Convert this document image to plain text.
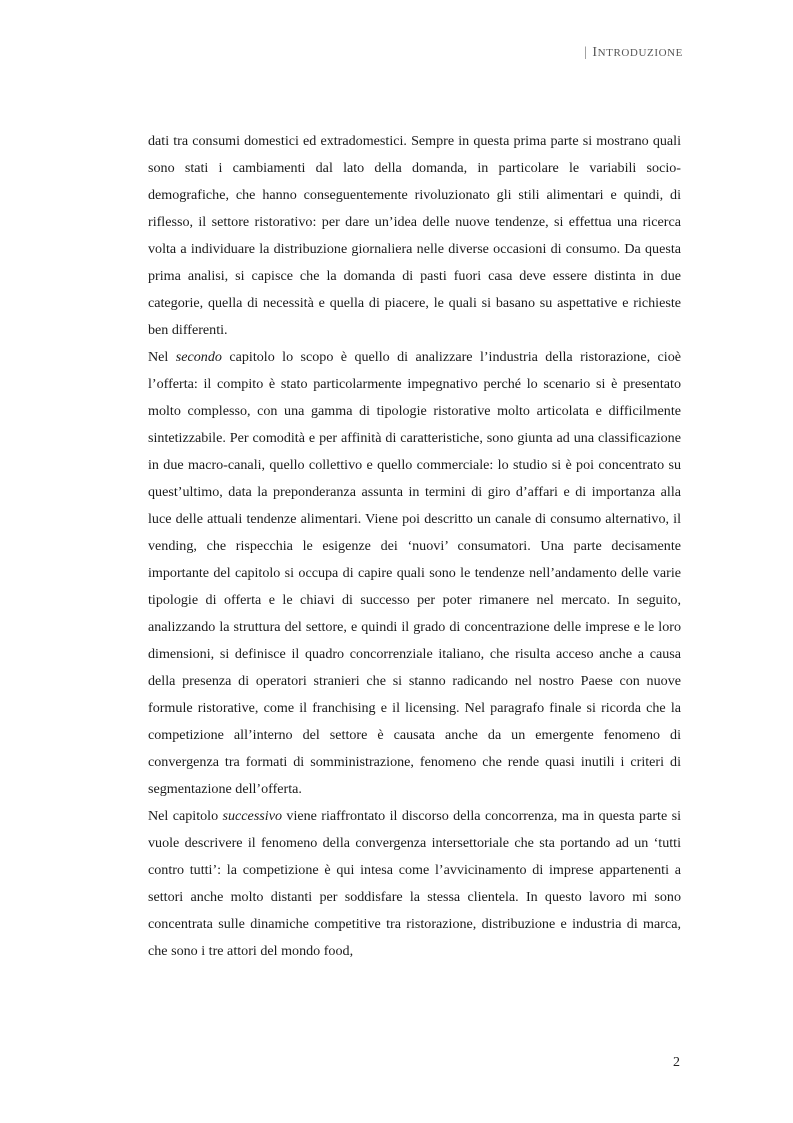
| INTRODUZIONE

dati tra consumi domestici ed extradomestici. Sempre in questa prima parte si mostrano quali sono stati i cambiamenti dal lato della domanda, in particolare le variabili socio-demografiche, che hanno conseguentemente rivoluzionato gli stili alimentari e quindi, di riflesso, il settore ristorativo: per dare un’idea delle nuove tendenze, si effettua una ricerca volta a individuare la distribuzione giornaliera nelle diverse occasioni di consumo. Da questa prima analisi, si capisce che la domanda di pasti fuori casa deve essere distinta in due categorie, quella di necessità e quella di piacere, le quali si basano su aspettative e richieste ben differenti.

Nel secondo capitolo lo scopo è quello di analizzare l’industria della ristorazione, cioè l’offerta: il compito è stato particolarmente impegnativo perché lo scenario si è presentato molto complesso, con una gamma di tipologie ristorative molto articolata e difficilmente sintetizzabile. Per comodità e per affinità di caratteristiche, sono giunta ad una classificazione in due macro-canali, quello collettivo e quello commerciale: lo studio si è poi concentrato su quest’ultimo, data la preponderanza assunta in termini di giro d’affari e di importanza alla luce delle attuali tendenze alimentari. Viene poi descritto un canale di consumo alternativo, il vending, che rispecchia le esigenze dei ‘nuovi’ consumatori. Una parte decisamente importante del capitolo si occupa di capire quali sono le tendenze nell’andamento delle varie tipologie di offerta e le chiavi di successo per poter rimanere nel mercato. In seguito, analizzando la struttura del settore, e quindi il grado di concentrazione delle imprese e le loro dimensioni, si definisce il quadro concorrenziale italiano, che risulta acceso anche a causa della presenza di operatori stranieri che si stanno radicando nel nostro Paese con nuove formule ristorative, come il franchising e il licensing. Nel paragrafo finale si ricorda che la competizione all’interno del settore è causata anche da un emergente fenomeno di convergenza tra formati di somministrazione, fenomeno che rende quasi inutili i criteri di segmentazione dell’offerta.

Nel capitolo successivo viene riaffrontato il discorso della concorrenza, ma in questa parte si vuole descrivere il fenomeno della convergenza intersettoriale che sta portando ad un ‘tutti contro tutti’: la competizione è qui intesa come l’avvicinamento di imprese appartenenti a settori anche molto distanti per soddisfare la stessa clientela. In questo lavoro mi sono concentrata sulle dinamiche competitive tra ristorazione, distribuzione e industria di marca, che sono i tre attori del mondo food,

2
